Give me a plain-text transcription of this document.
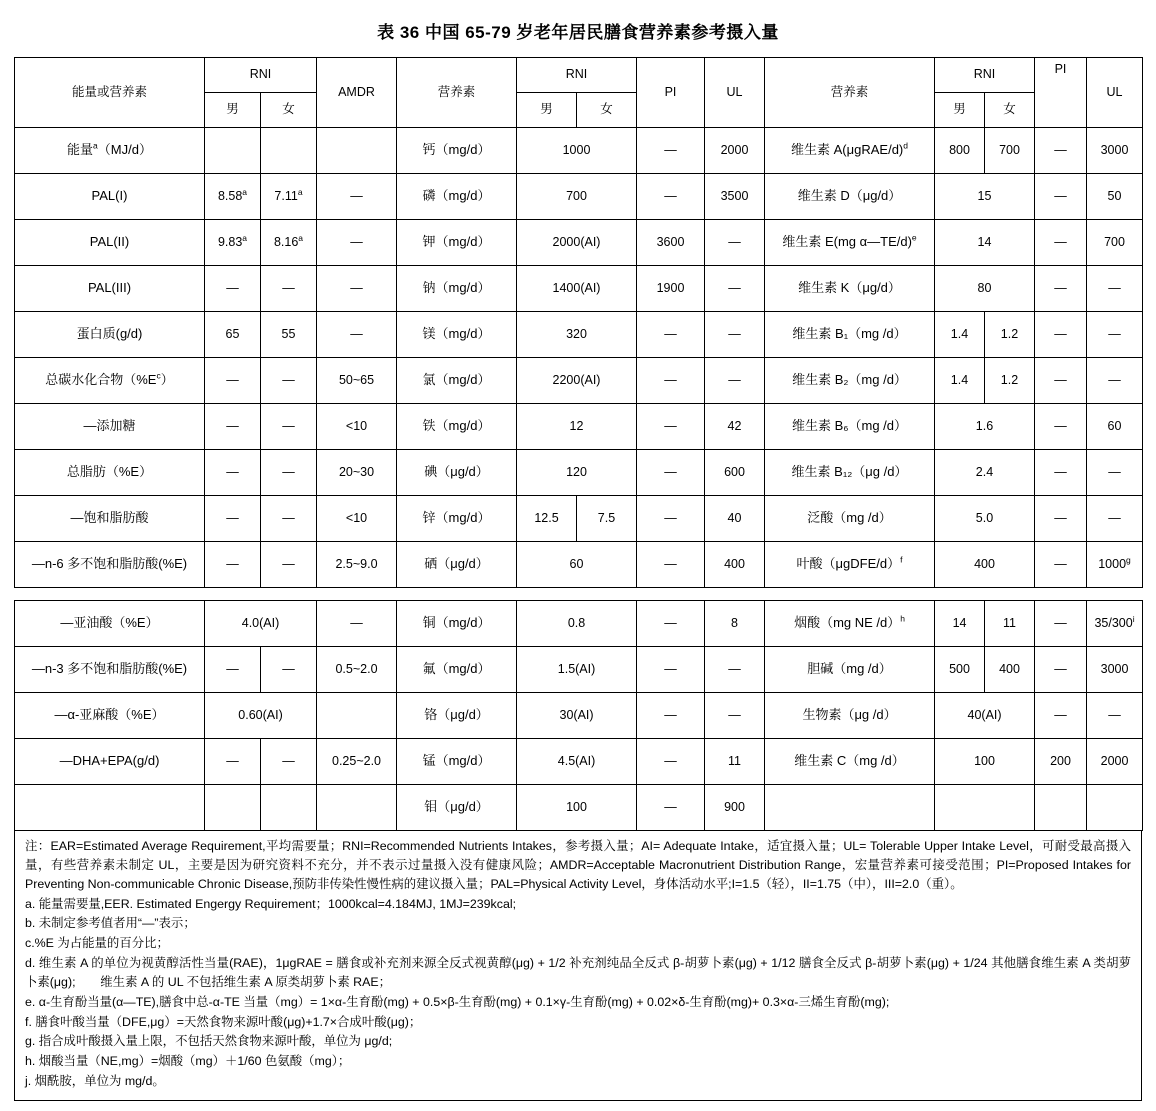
表 36 中国 65-79 岁老年居民膳食营养素参考摄入量
能量或营养素	RNI		AMDR	营养素	RNI		PI	UL	营养素	RNI		PI	UL
	男	女			男	女				男	女		
能量$^a$（MJ/d）				钙（mg/d）	1000		—	2000	维生素 A(μgRAE/d)$^d$	800	700	—	3000
PAL(I)	8.58$^a$	7.11$^a$	—	磷（mg/d）	700		—	3500	维生素 D（μg/d）	15		—	50
PAL(II)	9.83$^a$	8.16$^a$	—	钾（mg/d）	2000(AI)		3600	—	维生素 E(mg α—TE/d)$^e$	14		—	700
PAL(III)	—	—	—	钠（mg/d）	1400(AI)		1900	—	维生素 K（μg/d）	80		—	—
蛋白质(g/d)	65	55	—	镁（mg/d）	320		—	—	维生素 B₁（mg /d）	1.4	1.2	—	—
总碳水化合物$(\%E^c)$	—	—	50~65	氯（mg/d）	2200(AI)		—	—	维生素 B₂（mg /d）	1.4	1.2	—	—
—添加糖	—	—	<10	铁（mg/d）	12		—	42	维生素 B₆（mg /d）	1.6		—	60
总脂肪（%E）	—	—	20~30	碘（μg/d）	120		—	600	维生素 B₁₂（μg /d）	2.4		—	—
—饱和脂肪酸	—	—	<10	锌（mg/d）	12.5	7.5	—	40	泛酸（mg /d）	5.0		—	—
—n-6 多不饱和脂肪酸(%E)	—	—	2.5~9.0	硒（μg/d）	60		—	400	叶酸（μgDFE/d）$^f$	400		—	1000$^g$
—亚油酸（%E）	4.0(AI)		—	铜（mg/d）	0.8	—	8	烟酸（mg NE /d）$^h$	14	11	—	35/300$^i$
—n-3 多不饱和脂肪酸(%E)	—	—	0.5~2.0	氟（mg/d）	1.5(AI)	—	—	胆碱（mg /d）	500	400	—	3000
—α-亚麻酸（%E）	0.60(AI)			铬（μg/d）	30(AI)	—	—	生物素（μg /d）	40(AI)		—	—
—DHA+EPA(g/d)	—	—	0.25~2.0	锰（mg/d）	4.5(AI)	—	11	维生素 C（mg /d）	100		200	2000
				钼（μg/d）	100	—	900					

注：EAR=Estimated Average Requirement,平均需要量；RNI=Recommended Nutrients Intakes，参考摄入量；AI= Adequate Intake，适宜摄入量；UL= Tolerable Upper Intake Level，可耐受最高摄入量，有些营养素未制定 UL，主要是因为研究资料不充分，并不表示过量摄入没有健康风险；AMDR=Acceptable Macronutrient Distribution Range，宏量营养素可接受范围；PI=Proposed Intakes for Preventing Non-communicable Chronic Disease,预防非传染性慢性病的建议摄入量；PAL=Physical Activity Level，身体活动水平;I=1.5（轻），II=1.75（中），III=2.0（重）。

a. 能量需要量,EER. Estimated Engergy Requirement；1000kcal=4.184MJ, 1MJ=239kcal;

b. 未制定参考值者用“—”表示；

c.%E 为占能量的百分比；

d. 维生素 A 的单位为视黄醇活性当量(RAE)，1μgRAE = 膳食或补充剂来源全反式视黄醇(μg) + 1/2 补充剂纯品全反式 β-胡萝卜素(μg) + 1/12 膳食全反式 β-胡萝卜素(μg) + 1/24 其他膳食维生素 A 类胡萝卜素(μg);　　维生素 A 的 UL 不包括维生素 A 原类胡萝卜素 RAE；

e. α-生育酚当量(α—TE),膳食中总-α-TE 当量（mg）= 1×α-生育酚(mg) + 0.5×β-生育酚(mg) + 0.1×γ-生育酚(mg) + 0.02×δ-生育酚(mg)+ 0.3×α-三烯生育酚(mg);

f. 膳食叶酸当量（DFE,μg）=天然食物来源叶酸(μg)+1.7×合成叶酸(μg)；

g. 指合成叶酸摄入量上限，不包括天然食物来源叶酸，单位为 μg/d;

h. 烟酸当量（NE,mg）=烟酸（mg）＋1/60 色氨酸（mg）；

j. 烟酰胺，单位为 mg/d。
